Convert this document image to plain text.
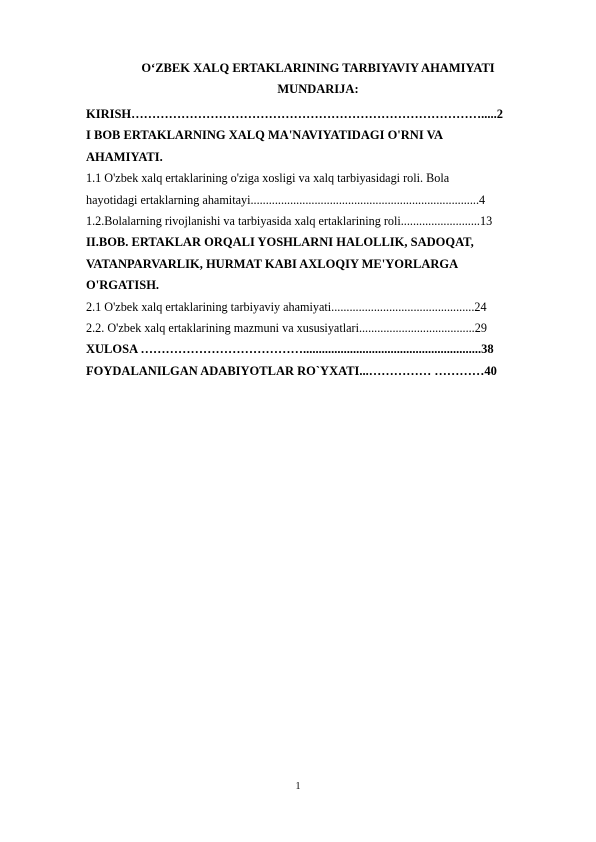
O‘ZBEK XALQ ERTAKLARINING TARBIYAVIY AHAMIYATI
MUNDARIJA:
KIRISH………………………………………………………………………….....2
I BOB ERTAKLARNING XALQ MA'NAVIYATIDAGI O'RNI VA
AHAMIYATI.
1.1 O'zbek xalq ertaklarining o'ziga xosligi va xalq tarbiyasidagi roli. Bola
hayotidagi ertaklarning ahamitayi...........................................................................4
1.2.Bolalarning rivojlanishi va tarbiyasida xalq ertaklarining roli..........................13
II.BOB. ERTAKLAR ORQALI YOSHLARNI HALOLLIK, SADOQAT,
VATANPARVARLIK, HURMAT KABI AXLOQIY ME'YORLARGA
O'RGATISH.
2.1 O'zbek xalq ertaklarining tarbiyaviy ahamiyati...............................................24
2.2. O'zbek xalq ertaklarining mazmuni va xususiyatlari......................................29
XULOSA ………………………………….........................................................38
FOYDALANILGAN ADABIYOTLAR RO`YXATI...…………… …………40
1
